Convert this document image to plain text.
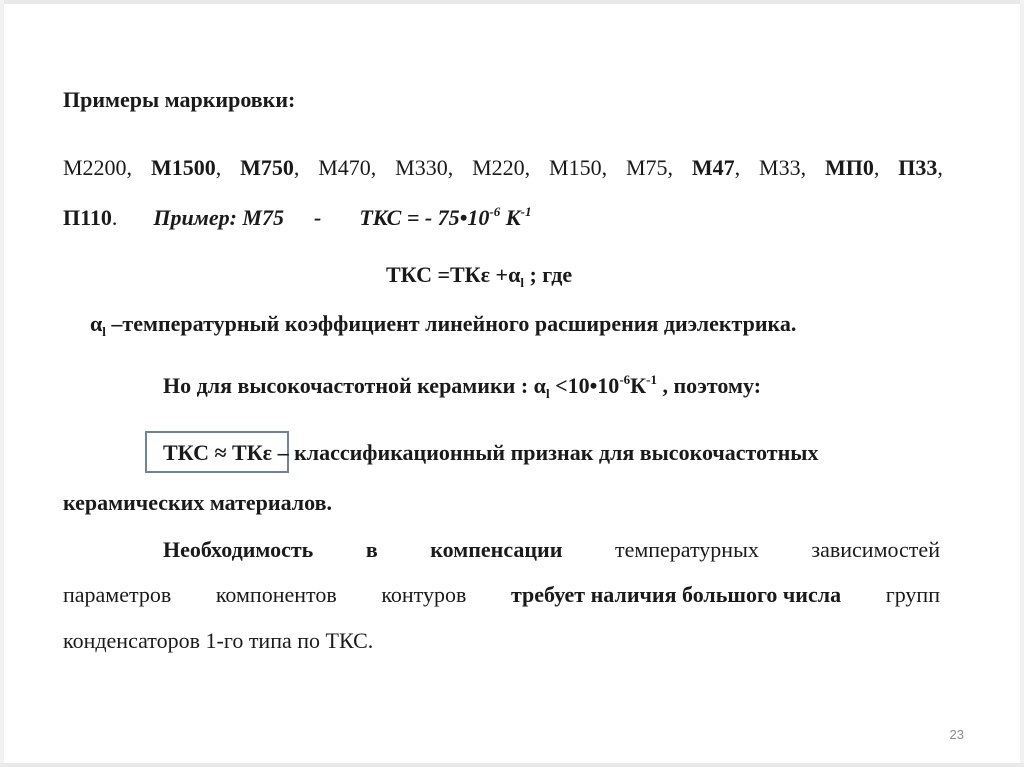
Примеры маркировки:
М2200, М1500, М750, М470, М330, М220, М150, М75, М47, М33, МП0, П33,
П110. Пример: М75 - ТКС = - $75•10^{-6}$ $К^{-1}$
ТКС $=ТК\varepsilon +\alpha_l$ ; где
$\alpha_l$ –температурный коэффициент линейного расширения диэлектрика.
Но для высокочастотной керамики : $\alpha_l$ $<10•10^{-6}К^{-1}$ , поэтому:
ТКС ≈ ТКε – классификационный признак для высокочастотных
керамических материалов.
Необходимость в компенсации температурных зависимостей
параметров компонентов контуров требует наличия большого числа групп
конденсаторов 1-го типа по ТКС.
23
